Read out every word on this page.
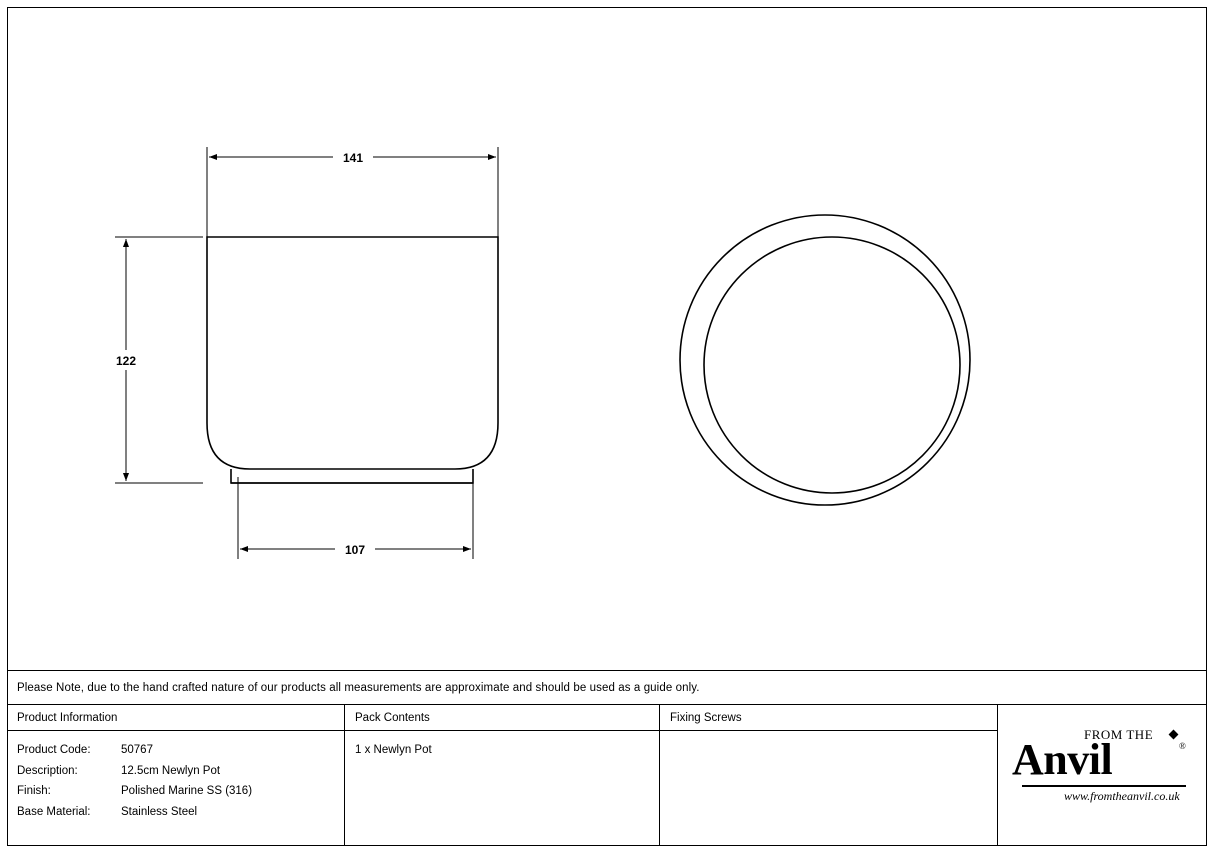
141
122
107
Please Note, due to the hand crafted nature of our products all measurements are approximate and should be used as a guide only.
Product Information
Product Code:	50767
Description:	12.5cm Newlyn Pot
Finish:	Polished Marine SS (316)
Base Material:	Stainless Steel
Pack Contents
1 x Newlyn Pot
Fixing Screws
FROM THE
Anvil	®
www.fromtheanvil.co.uk
